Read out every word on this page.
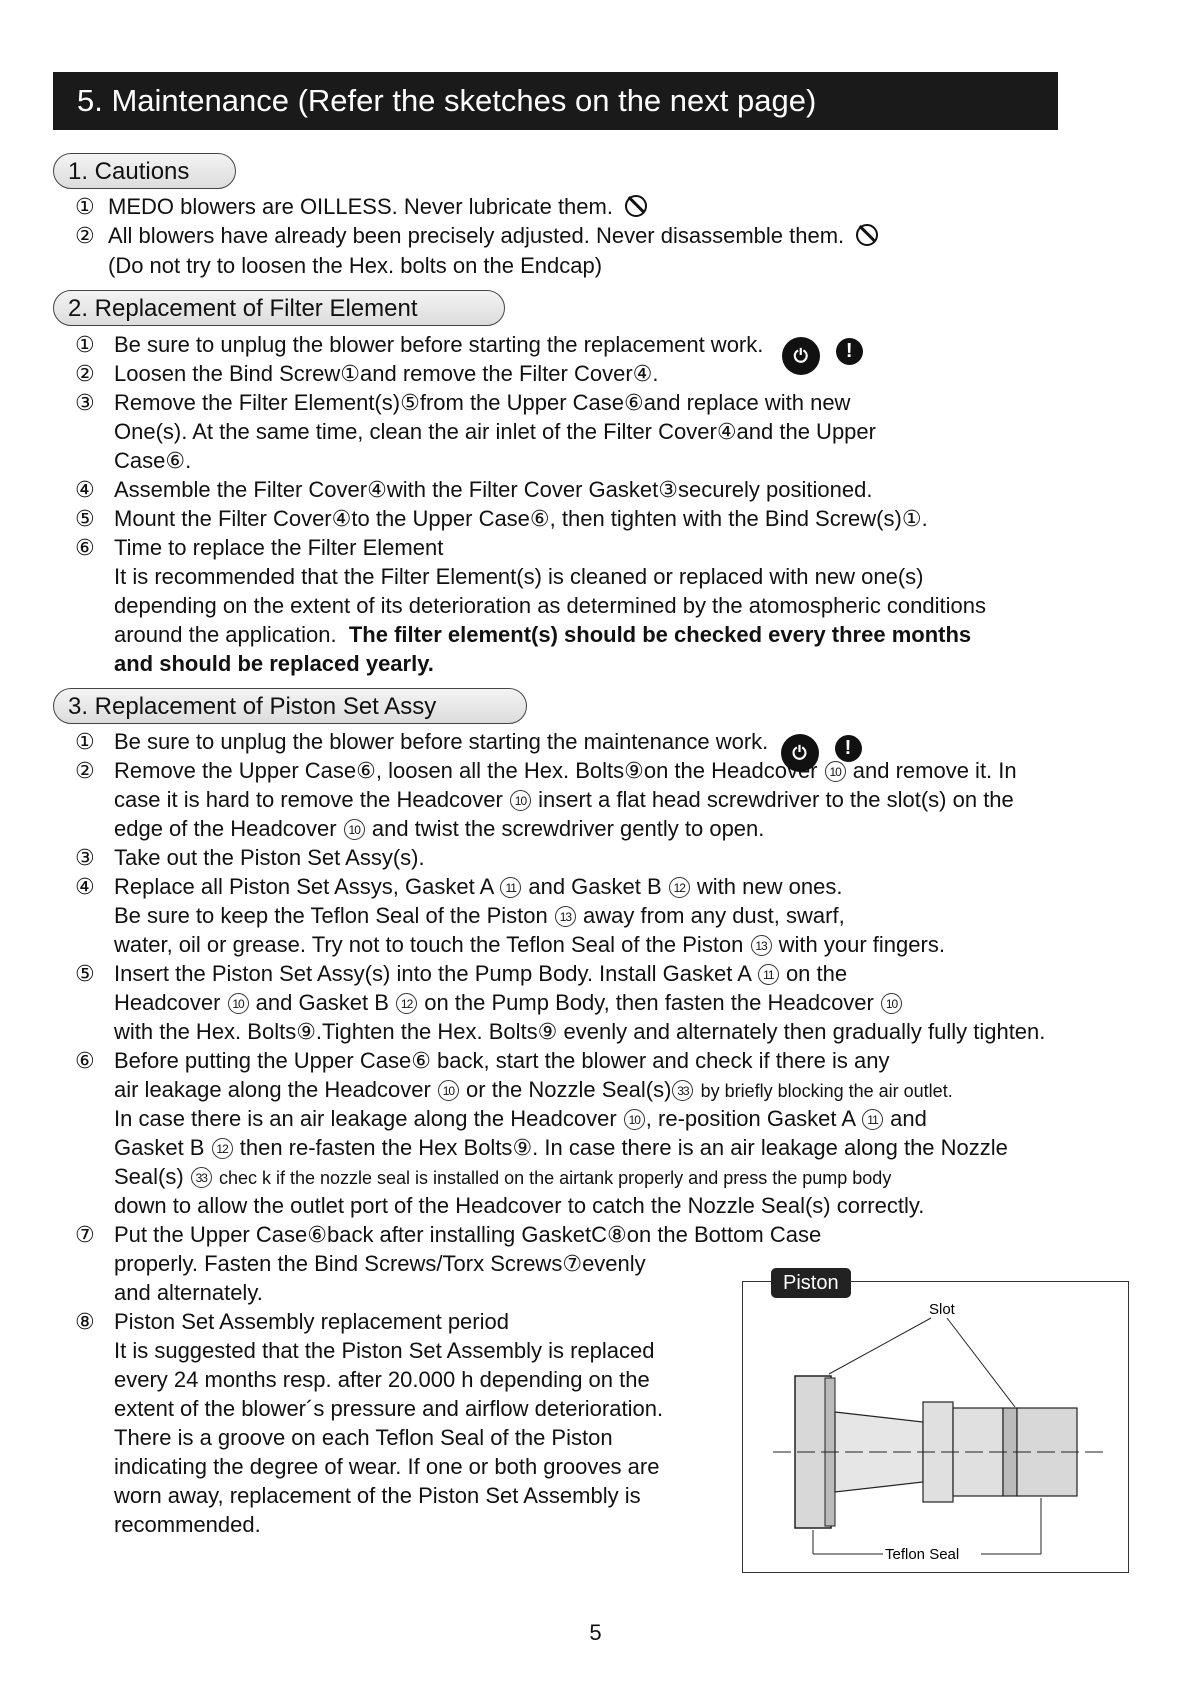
5. Maintenance (Refer the sketches on the next page)
1. Cautions
① MEDO blowers are OILLESS. Never lubricate them.
② All blowers have already been precisely adjusted. Never disassemble them.
(Do not try to loosen the Hex. bolts on the Endcap)
2. Replacement of Filter Element
① Be sure to unplug the blower before starting the replacement work. ⏻ !
② Loosen the Bind Screw①and remove the Filter Cover④.
③ Remove the Filter Element(s)⑤from the Upper Case⑥and replace with new
One(s). At the same time, clean the air inlet of the Filter Cover④and the Upper
Case⑥.
④ Assemble the Filter Cover④with the Filter Cover Gasket③securely positioned.
⑤ Mount the Filter Cover④to the Upper Case⑥, then tighten with the Bind Screw(s)①.
⑥ Time to replace the Filter Element
It is recommended that the Filter Element(s) is cleaned or replaced with new one(s)
depending on the extent of its deterioration as determined by the atomospheric conditions
around the application. The filter element(s) should be checked every three months
and should be replaced yearly.
3. Replacement of Piston Set Assy
① Be sure to unplug the blower before starting the maintenance work. ⏻ !
② Remove the Upper Case⑥, loosen all the Hex. Bolts⑨on the Headcover 10 and remove it. In
case it is hard to remove the Headcover 10 insert a flat head screwdriver to the slot(s) on the
edge of the Headcover 10 and twist the screwdriver gently to open.
③ Take out the Piston Set Assy(s).
④ Replace all Piston Set Assys, Gasket A 11 and Gasket B 12 with new ones.
Be sure to keep the Teflon Seal of the Piston 13 away from any dust, swarf,
water, oil or grease. Try not to touch the Teflon Seal of the Piston 13 with your fingers.
⑤ Insert the Piston Set Assy(s) into the Pump Body. Install Gasket A 11 on the
Headcover 10 and Gasket B 12 on the Pump Body, then fasten the Headcover 10
with the Hex. Bolts⑨.Tighten the Hex. Bolts⑨ evenly and alternately then gradually fully tighten.
⑥ Before putting the Upper Case⑥ back, start the blower and check if there is any
air leakage along the Headcover 10 or the Nozzle Seal(s) 33 by briefly blocking the air outlet.
In case there is an air leakage along the Headcover 10 , re-position Gasket A 11 and
Gasket B 12 then re-fasten the Hex Bolts⑨. In case there is an air leakage along the Nozzle
Seal(s) 33 chec k if the nozzle seal is installed on the airtank properly and press the pump body
down to allow the outlet port of the Headcover to catch the Nozzle Seal(s) correctly.
⑦ Put the Upper Case⑥back after installing GasketC⑧on the Bottom Case
properly. Fasten the Bind Screws/Torx Screws⑦evenly
and alternately.
⑧ Piston Set Assembly replacement period
It is suggested that the Piston Set Assembly is replaced
every 24 months resp. after 20.000 h depending on the
extent of the blower´s pressure and airflow deterioration.
There is a groove on each Teflon Seal of the Piston
indicating the degree of wear. If one or both grooves are
worn away, replacement of the Piston Set Assembly is
recommended.
Slot
Teflon Seal
Piston
5
